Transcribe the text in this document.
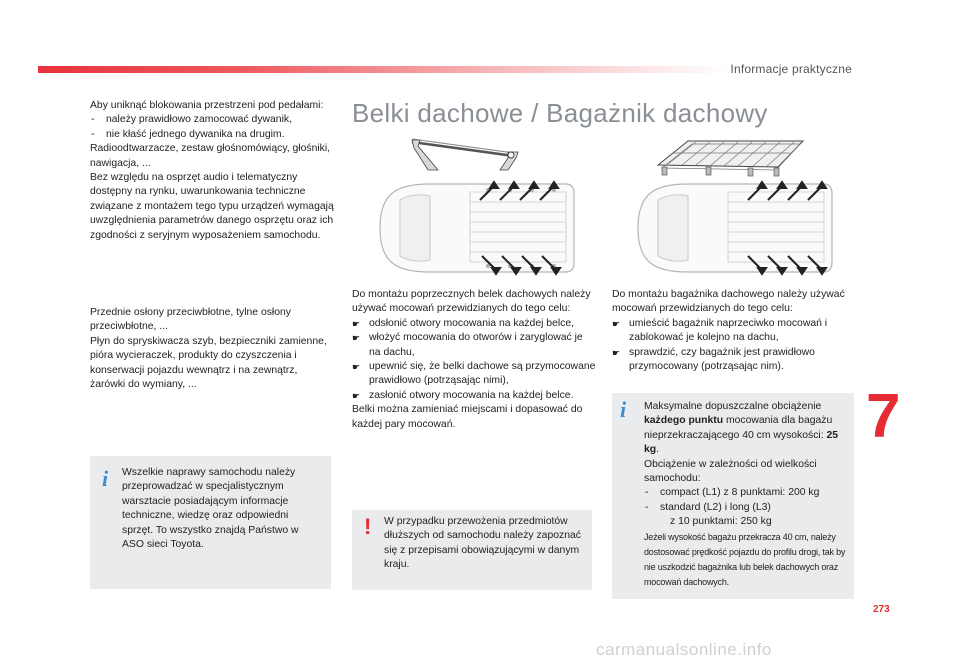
Informacje praktyczne
7
273
carmanualsonline.info

Aby uniknąć blokowania przestrzeni pod pedałami:

- należy prawidłowo zamocować dywanik,
- nie kłaść jednego dywanika na drugim.

Radioodtwarzacze, zestaw głośnomówiący, głośniki, nawigacja, ...
Bez względu na osprzęt audio i telematyczny dostępny na rynku, uwarunkowania techniczne związane z montażem tego typu urządzeń wymagają uwzględnienia parametrów danego osprzętu oraz ich zgodności z seryjnym wyposażeniem samochodu.

Przednie osłony przeciwbłotne, tylne osłony przeciwbłotne, ...
Płyn do spryskiwacza szyb, bezpieczniki zamienne, pióra wycieraczek, produkty do czyszczenia i konserwacji pojazdu wewnątrz i na zewnątrz, żarówki do wymiany, ...
i Wszelkie naprawy samochodu należy przeprowadzać w specjalistycznym warsztacie posiadającym informacje techniczne, wiedzę oraz odpowiedni sprzęt. To wszystko znajdą Państwo w ASO sieci Toyota.
Belki dachowe / Bagażnik dachowy

Do montażu poprzecznych belek dachowych należy używać mocowań przewidzianych do tego celu:

☛ odsłonić otwory mocowania na każdej belce,
☛ włożyć mocowania do otworów i zaryglować je na dachu,
☛ upewnić się, że belki dachowe są przymocowane prawidłowo (potrząsając nimi),
☛ zasłonić otwory mocowania na każdej belce.

Belki można zamieniać miejscami i dopasować do każdej pary mocowań.

! W przypadku przewożenia przedmiotów dłuższych od samochodu należy zapoznać się z przepisami obowiązującymi w danym kraju.

Do montażu bagażnika dachowego należy używać mocowań przewidzianych do tego celu:

☛ umieścić bagażnik naprzeciwko mocowań i zablokować je kolejno na dachu,
☛ sprawdzić, czy bagażnik jest prawidłowo przymocowany (potrząsając nim).
i Maksymalne dopuszczalne obciążenie każdego punktu mocowania dla bagażu nieprzekraczającego 40 cm wysokości: 25 kg.

Obciążenie w zależności od wielkości samochodu:

- compact (L1) z 8 punktami: 200 kg
- standard (L2) i long (L3)

z 10 punktami: 250 kg

Jeżeli wysokość bagażu przekracza 40 cm, należy dostosować prędkość pojazdu do profilu drogi, tak by nie uszkodzić bagażnika lub belek dachowych oraz mocowań dachowych.
